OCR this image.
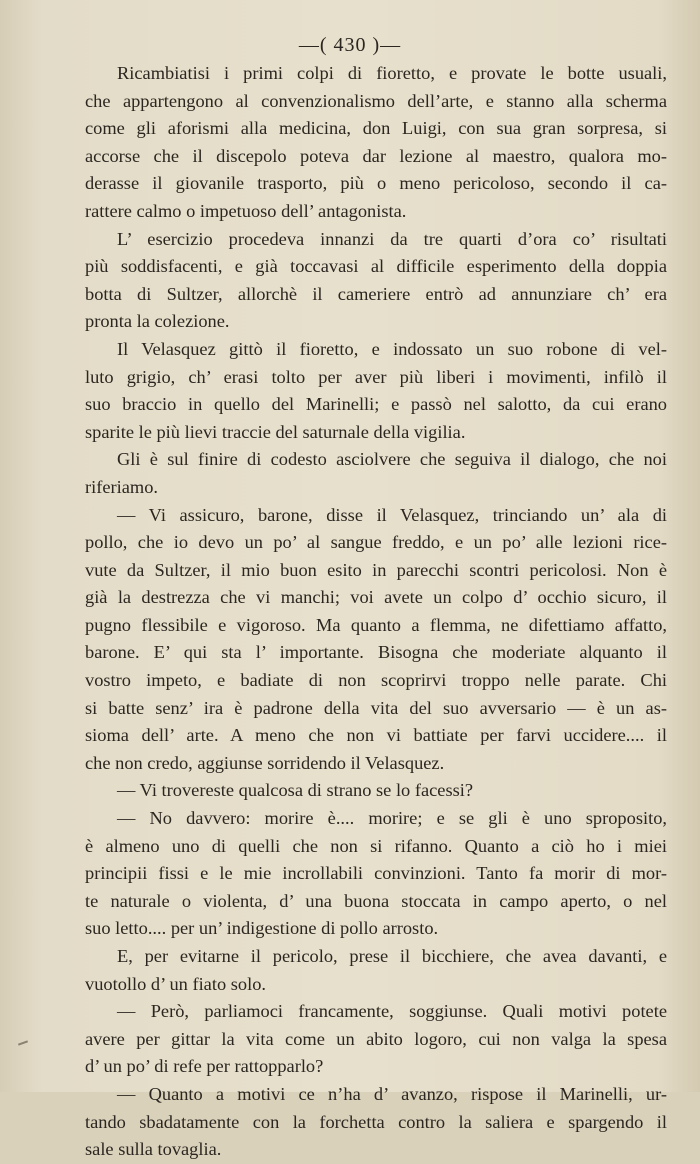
—( 430 )—
Ricambiatisi i primi colpi di fioretto, e provate le botte usuali,
che appartengono al convenzionalismo dell’arte, e stanno alla scherma
come gli aforismi alla medicina, don Luigi, con sua gran sorpresa, si
accorse che il discepolo poteva dar lezione al maestro, qualora mo-
derasse il giovanile trasporto, più o meno pericoloso, secondo il ca-
rattere calmo o impetuoso dell’ antagonista.
L’ esercizio procedeva innanzi da tre quarti d’ora co’ risultati
più soddisfacenti, e già toccavasi al difficile esperimento della doppia
botta di Sultzer, allorchè il cameriere entrò ad annunziare ch’ era
pronta la colezione.
Il Velasquez gittò il fioretto, e indossato un suo robone di vel-
luto grigio, ch’ erasi tolto per aver più liberi i movimenti, infilò il
suo braccio in quello del Marinelli; e passò nel salotto, da cui erano
sparite le più lievi traccie del saturnale della vigilia.
Gli è sul finire di codesto asciolvere che seguiva il dialogo, che noi
riferiamo.
— Vi assicuro, barone, disse il Velasquez, trinciando un’ ala di
pollo, che io devo un po’ al sangue freddo, e un po’ alle lezioni rice-
vute da Sultzer, il mio buon esito in parecchi scontri pericolosi. Non è
già la destrezza che vi manchi; voi avete un colpo d’ occhio sicuro, il
pugno flessibile e vigoroso. Ma quanto a flemma, ne difettiamo affatto,
barone. E’ qui sta l’ importante. Bisogna che moderiate alquanto il
vostro impeto, e badiate di non scoprirvi troppo nelle parate. Chi
si batte senz’ ira è padrone della vita del suo avversario — è un as-
sioma dell’ arte. A meno che non vi battiate per farvi uccidere.... il
che non credo, aggiunse sorridendo il Velasquez.
— Vi trovereste qualcosa di strano se lo facessi?
— No davvero: morire è.... morire; e se gli è uno sproposito,
è almeno uno di quelli che non si rifanno. Quanto a ciò ho i miei
principii fissi e le mie incrollabili convinzioni. Tanto fa morir di mor-
te naturale o violenta, d’ una buona stoccata in campo aperto, o nel
suo letto.... per un’ indigestione di pollo arrosto.
E, per evitarne il pericolo, prese il bicchiere, che avea davanti, e
vuotollo d’ un fiato solo.
— Però, parliamoci francamente, soggiunse. Quali motivi potete
avere per gittar la vita come un abito logoro, cui non valga la spesa
d’ un po’ di refe per rattopparlo?
— Quanto a motivi ce n’ha d’ avanzo, rispose il Marinelli, ur-
tando sbadatamente con la forchetta contro la saliera e spargendo il
sale sulla tovaglia.
